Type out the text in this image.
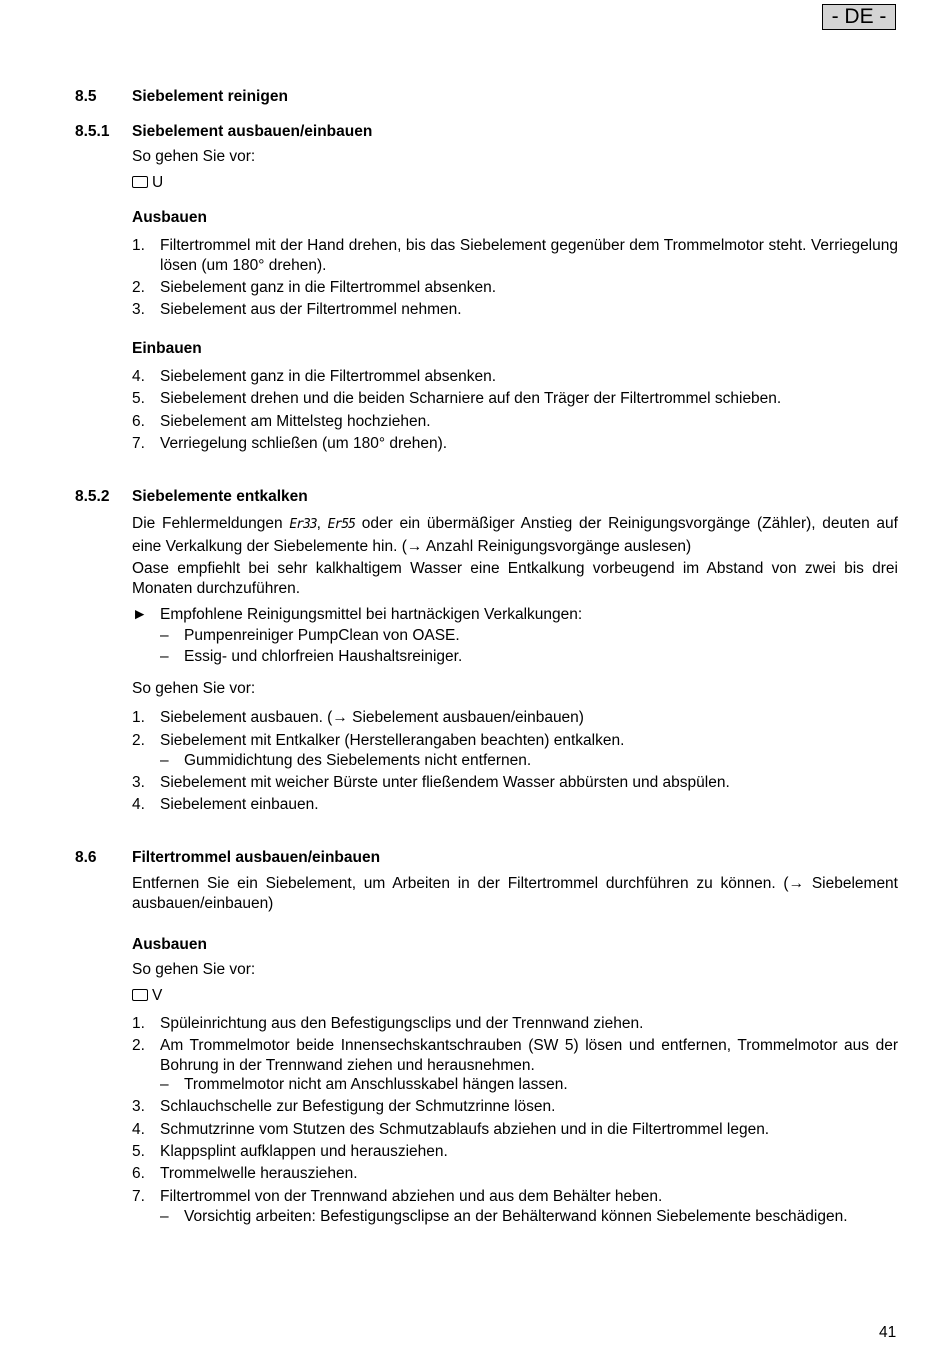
- DE -
8.5 Siebelement reinigen
8.5.1 Siebelement ausbauen/einbauen
So gehen Sie vor:
U
Ausbauen
1. Filtertrommel mit der Hand drehen, bis das Siebelement gegenüber dem Trommelmotor steht. Verriegelung lösen (um 180° drehen).
2. Siebelement ganz in die Filtertrommel absenken.
3. Siebelement aus der Filtertrommel nehmen.
Einbauen
4. Siebelement ganz in die Filtertrommel absenken.
5. Siebelement drehen und die beiden Scharniere auf den Träger der Filtertrommel schieben.
6. Siebelement am Mittelsteg hochziehen.
7. Verriegelung schließen (um 180° drehen).
8.5.2 Siebelemente entkalken
Die Fehlermeldungen Er33, Er55 oder ein übermäßiger Anstieg der Reinigungsvorgänge (Zähler), deuten auf eine Verkalkung der Siebelemente hin. (→ Anzahl Reinigungsvorgänge auslesen)
Oase empfiehlt bei sehr kalkhaltigem Wasser eine Entkalkung vorbeugend im Abstand von zwei bis drei Monaten durchzuführen.
► Empfohlene Reinigungsmittel bei hartnäckigen Verkalkungen:
– Pumpenreiniger PumpClean von OASE.
– Essig- und chlorfreien Haushaltsreiniger.
So gehen Sie vor:
1. Siebelement ausbauen. (→ Siebelement ausbauen/einbauen)
2. Siebelement mit Entkalker (Herstellerangaben beachten) entkalken.
– Gummidichtung des Siebelements nicht entfernen.
3. Siebelement mit weicher Bürste unter fließendem Wasser abbürsten und abspülen.
4. Siebelement einbauen.
8.6 Filtertrommel ausbauen/einbauen
Entfernen Sie ein Siebelement, um Arbeiten in der Filtertrommel durchführen zu können. (→ Siebelement ausbauen/einbauen)
Ausbauen
So gehen Sie vor:
V
1. Spüleinrichtung aus den Befestigungsclips und der Trennwand ziehen.
2. Am Trommelmotor beide Innensechskantschrauben (SW 5) lösen und entfernen, Trommelmotor aus der Bohrung in der Trennwand ziehen und herausnehmen.
– Trommelmotor nicht am Anschlusskabel hängen lassen.
3. Schlauchschelle zur Befestigung der Schmutzrinne lösen.
4. Schmutzrinne vom Stutzen des Schmutzablaufs abziehen und in die Filtertrommel legen.
5. Klappsplint aufklappen und herausziehen.
6. Trommelwelle herausziehen.
7. Filtertrommel von der Trennwand abziehen und aus dem Behälter heben.
– Vorsichtig arbeiten: Befestigungsclipse an der Behälterwand können Siebelemente beschädigen.
41
